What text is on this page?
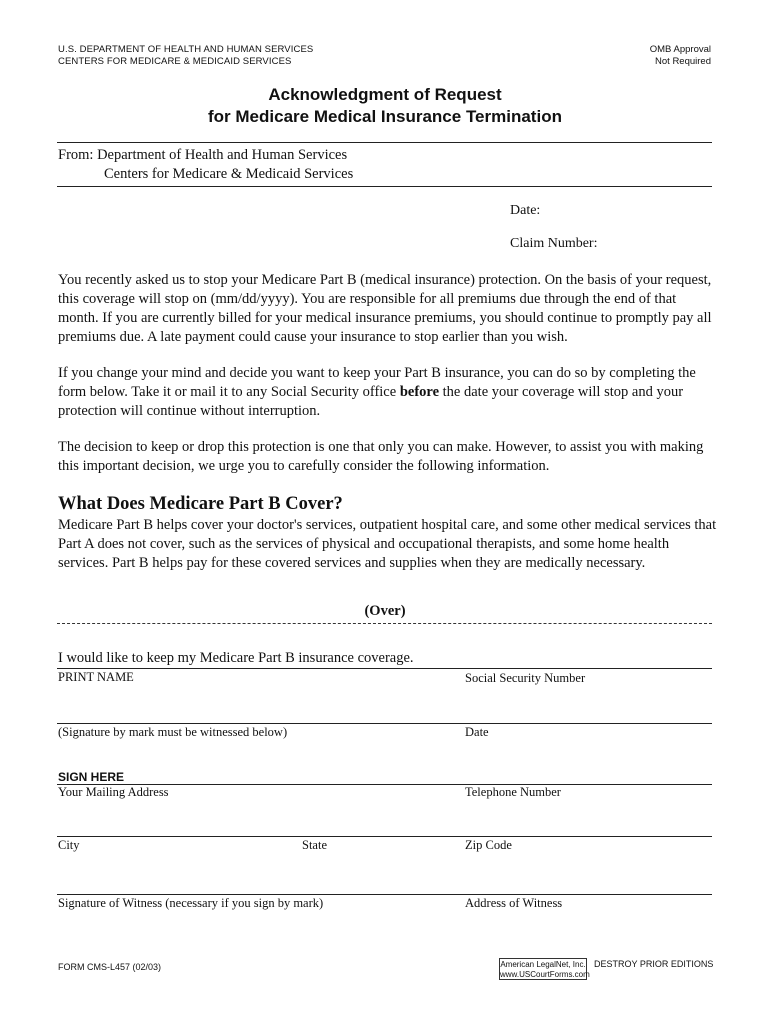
U.S. DEPARTMENT OF HEALTH AND HUMAN SERVICES
CENTERS FOR MEDICARE & MEDICAID SERVICES
OMB Approval
Not Required
Acknowledgment of Request
for Medicare Medical Insurance Termination
From: Department of Health and Human Services
Centers for Medicare & Medicaid Services
Date:
Claim Number:
You recently asked us to stop your Medicare Part B (medical insurance) protection. On the basis of your request, this coverage will stop on (mm/dd/yyyy). You are responsible for all premiums due through the end of that month. If you are currently billed for your medical insurance premiums, you should continue to promptly pay all premiums due. A late payment could cause your insurance to stop earlier than you wish.
If you change your mind and decide you want to keep your Part B insurance, you can do so by completing the form below. Take it or mail it to any Social Security office before the date your coverage will stop and your protection will continue without interruption.
The decision to keep or drop this protection is one that only you can make. However, to assist you with making this important decision, we urge you to carefully consider the following information.
What Does Medicare Part B Cover?
Medicare Part B helps cover your doctor's services, outpatient hospital care, and some other medical services that Part A does not cover, such as the services of physical and occupational therapists, and some home health services. Part B helps pay for these covered services and supplies when they are medically necessary.
(Over)
I would like to keep my Medicare Part B insurance coverage.
PRINT NAME	Social Security Number
(Signature by mark must be witnessed below)	Date
SIGN HERE
Your Mailing Address	Telephone Number
City	State	Zip Code
Signature of Witness (necessary if you sign by mark)	Address of Witness
FORM CMS-L457 (02/03)	American LegalNet, Inc.
www.USCourtForms.com
DESTROY PRIOR EDITIONS
